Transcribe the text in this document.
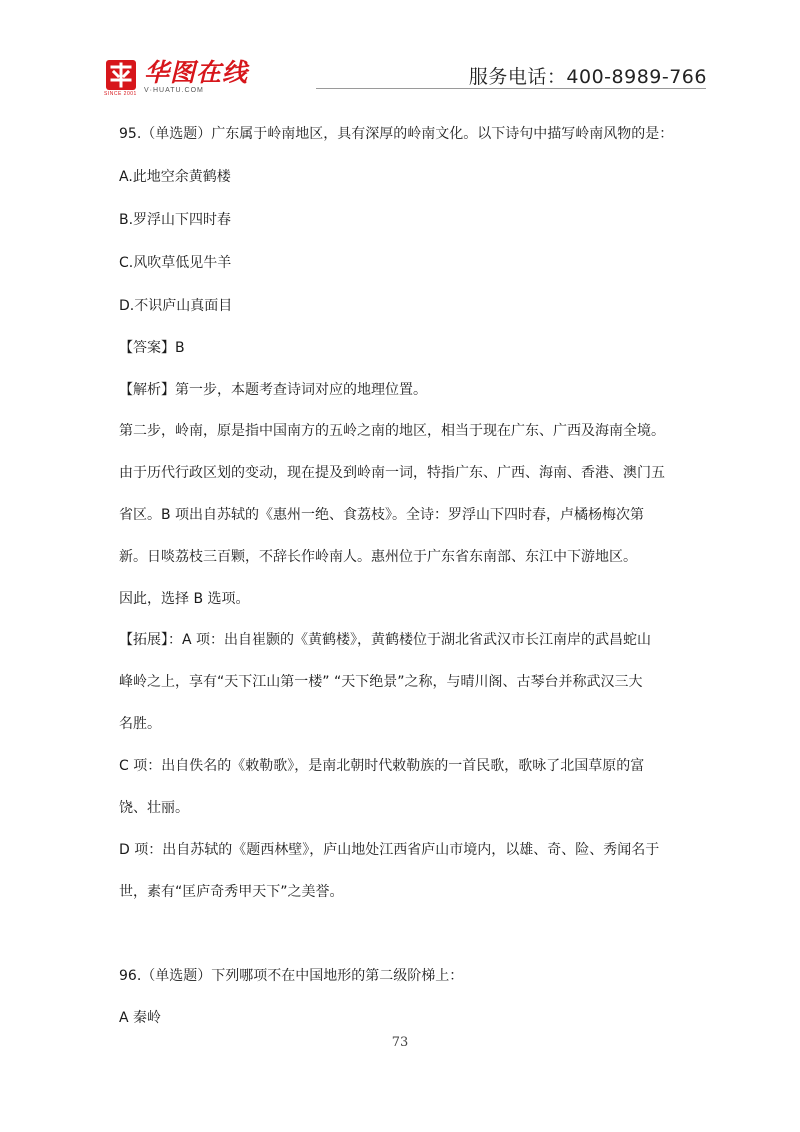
SINCE 2001
华图在线
V·HUATU.COM
服务电话：400-8989-766
95.（单选题）广东属于岭南地区，具有深厚的岭南文化。以下诗句中描写岭南风物的是：
A.此地空余黄鹤楼
B.罗浮山下四时春
C.风吹草低见牛羊
D.不识庐山真面目
【答案】B
【解析】第一步，本题考查诗词对应的地理位置。
第二步，岭南，原是指中国南方的五岭之南的地区，相当于现在广东、广西及海南全境。
由于历代行政区划的变动，现在提及到岭南一词，特指广东、广西、海南、香港、澳门五
省区。B 项出自苏轼的《惠州一绝、食荔枝》。全诗：罗浮山下四时春，卢橘杨梅次第
新。日啖荔枝三百颗，不辞长作岭南人。惠州位于广东省东南部、东江中下游地区。
因此，选择 B 选项。
【拓展】：A 项：出自崔颢的《黄鹤楼》，黄鹤楼位于湖北省武汉市长江南岸的武昌蛇山
峰岭之上，享有“天下江山第一楼” “天下绝景”之称，与晴川阁、古琴台并称武汉三大
名胜。
C 项：出自佚名的《敕勒歌》，是南北朝时代敕勒族的一首民歌，歌咏了北国草原的富
饶、壮丽。
D 项：出自苏轼的《题西林壁》，庐山地处江西省庐山市境内，以雄、奇、险、秀闻名于
世，素有“匡庐奇秀甲天下”之美誉。
96.（单选题）下列哪项不在中国地形的第二级阶梯上：
A 秦岭
73
